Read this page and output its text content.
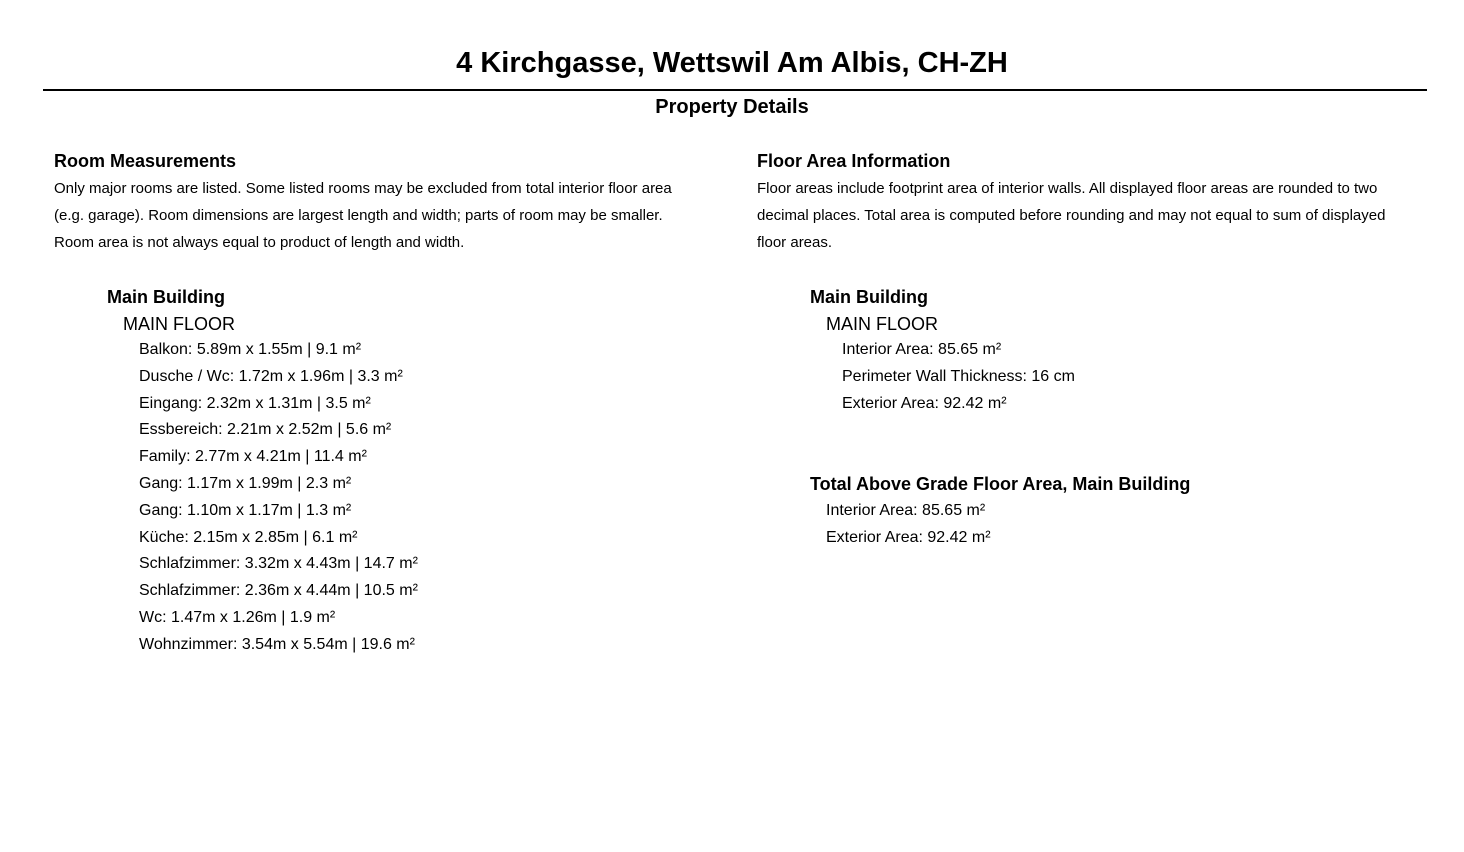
4 Kirchgasse, Wettswil Am Albis, CH-ZH
Property Details
Room Measurements
Only major rooms are listed. Some listed rooms may be excluded from total interior floor area
(e.g. garage). Room dimensions are largest length and width; parts of room may be smaller.
Room area is not always equal to product of length and width.
Main Building
MAIN FLOOR
Balkon: 5.89m x 1.55m | 9.1 m²
Dusche / Wc: 1.72m x 1.96m | 3.3 m²
Eingang: 2.32m x 1.31m | 3.5 m²
Essbereich: 2.21m x 2.52m | 5.6 m²
Family: 2.77m x 4.21m | 11.4 m²
Gang: 1.17m x 1.99m | 2.3 m²
Gang: 1.10m x 1.17m | 1.3 m²
Küche: 2.15m x 2.85m | 6.1 m²
Schlafzimmer: 3.32m x 4.43m | 14.7 m²
Schlafzimmer: 2.36m x 4.44m | 10.5 m²
Wc: 1.47m x 1.26m | 1.9 m²
Wohnzimmer: 3.54m x 5.54m | 19.6 m²
Floor Area Information
Floor areas include footprint area of interior walls. All displayed floor areas are rounded to two
decimal places. Total area is computed before rounding and may not equal to sum of displayed
floor areas.
Main Building
MAIN FLOOR
Interior Area: 85.65 m²
Perimeter Wall Thickness: 16 cm
Exterior Area: 92.42 m²
Total Above Grade Floor Area, Main Building
Interior Area: 85.65 m²
Exterior Area: 92.42 m²
